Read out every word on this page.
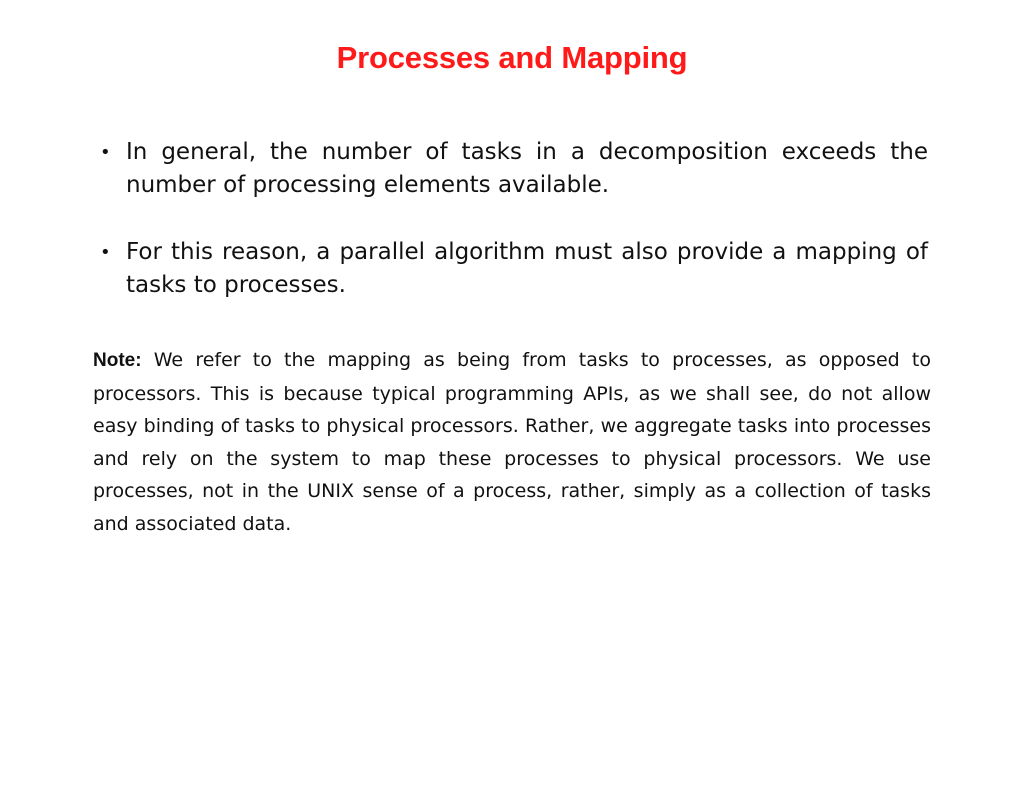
Processes and Mapping
• In general, the number of tasks in a decomposition exceeds the number of processing elements available.
• For this reason, a parallel algorithm must also provide a mapping of tasks to processes.
Note: We refer to the mapping as being from tasks to processes, as opposed to processors. This is because typical programming APIs, as we shall see, do not allow easy binding of tasks to physical processors. Rather, we aggregate tasks into processes and rely on the system to map these processes to physical processors. We use processes, not in the UNIX sense of a process, rather, simply as a collection of tasks and associated data.
